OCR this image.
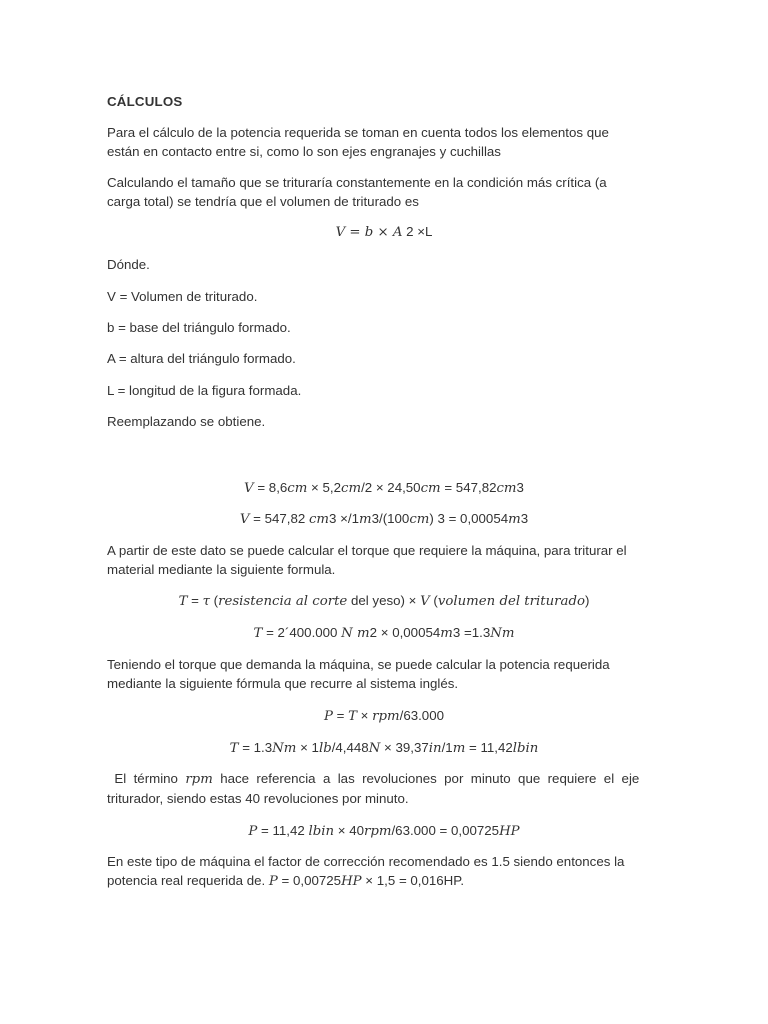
CÁLCULOS
Para el cálculo de la potencia requerida se toman en cuenta todos los elementos que
están en contacto entre si, como lo son ejes engranajes y cuchillas
Calculando el tamaño que se trituraría constantemente en la condición más crítica (a
carga total) se tendría que el volumen de triturado es
𝑉 = 𝑏 × 𝐴 2 ×L
Dónde.
V = Volumen de triturado.
b = base del triángulo formado.
A = altura del triángulo formado.
L = longitud de la figura formada.
Reemplazando se obtiene.
𝑉 = 8,6𝑐𝑚 × 5,2𝑐𝑚/2 × 24,50𝑐𝑚 = 547,82𝑐𝑚3
𝑉 = 547,82 𝑐𝑚3 ×/1𝑚3/(100𝑐𝑚) 3 = 0,00054𝑚3
A partir de este dato se puede calcular el torque que requiere la máquina, para triturar el
material mediante la siguiente formula.
𝑇 = 𝜏 (𝑟𝑒𝑠𝑖𝑠𝑡𝑒𝑛𝑐𝑖𝑎 𝑎𝑙 𝑐𝑜𝑟𝑡𝑒 del yeso) × 𝑉 (𝑣𝑜𝑙𝑢𝑚𝑒𝑛 𝑑𝑒𝑙 𝑡𝑟𝑖𝑡𝑢𝑟𝑎𝑑𝑜)
𝑇 = 2´400.000 𝑁 𝑚2 × 0,00054𝑚3 =1.3𝑁𝑚
Teniendo el torque que demanda la máquina, se puede calcular la potencia requerida
mediante la siguiente fórmula que recurre al sistema inglés.
𝑃 = 𝑇 × 𝑟𝑝𝑚/63.000
𝑇 = 1.3𝑁𝑚 × 1𝑙𝑏/4,448𝑁 × 39,37𝑖𝑛/1𝑚 = 11,42𝑙𝑏𝑖𝑛
El  término  𝑟𝑝𝑚  hace  referencia  a  las  revoluciones  por  minuto  que  requiere  el  eje
triturador, siendo estas 40 revoluciones por minuto.
𝑃 = 11,42 𝑙𝑏𝑖𝑛 × 40𝑟𝑝𝑚/63.000 = 0,00725𝐻𝑃
En este tipo de máquina el factor de corrección recomendado es 1.5 siendo entonces la
potencia real requerida de. 𝑃 = 0,00725𝐻𝑃 × 1,5 = 0,016HP.
